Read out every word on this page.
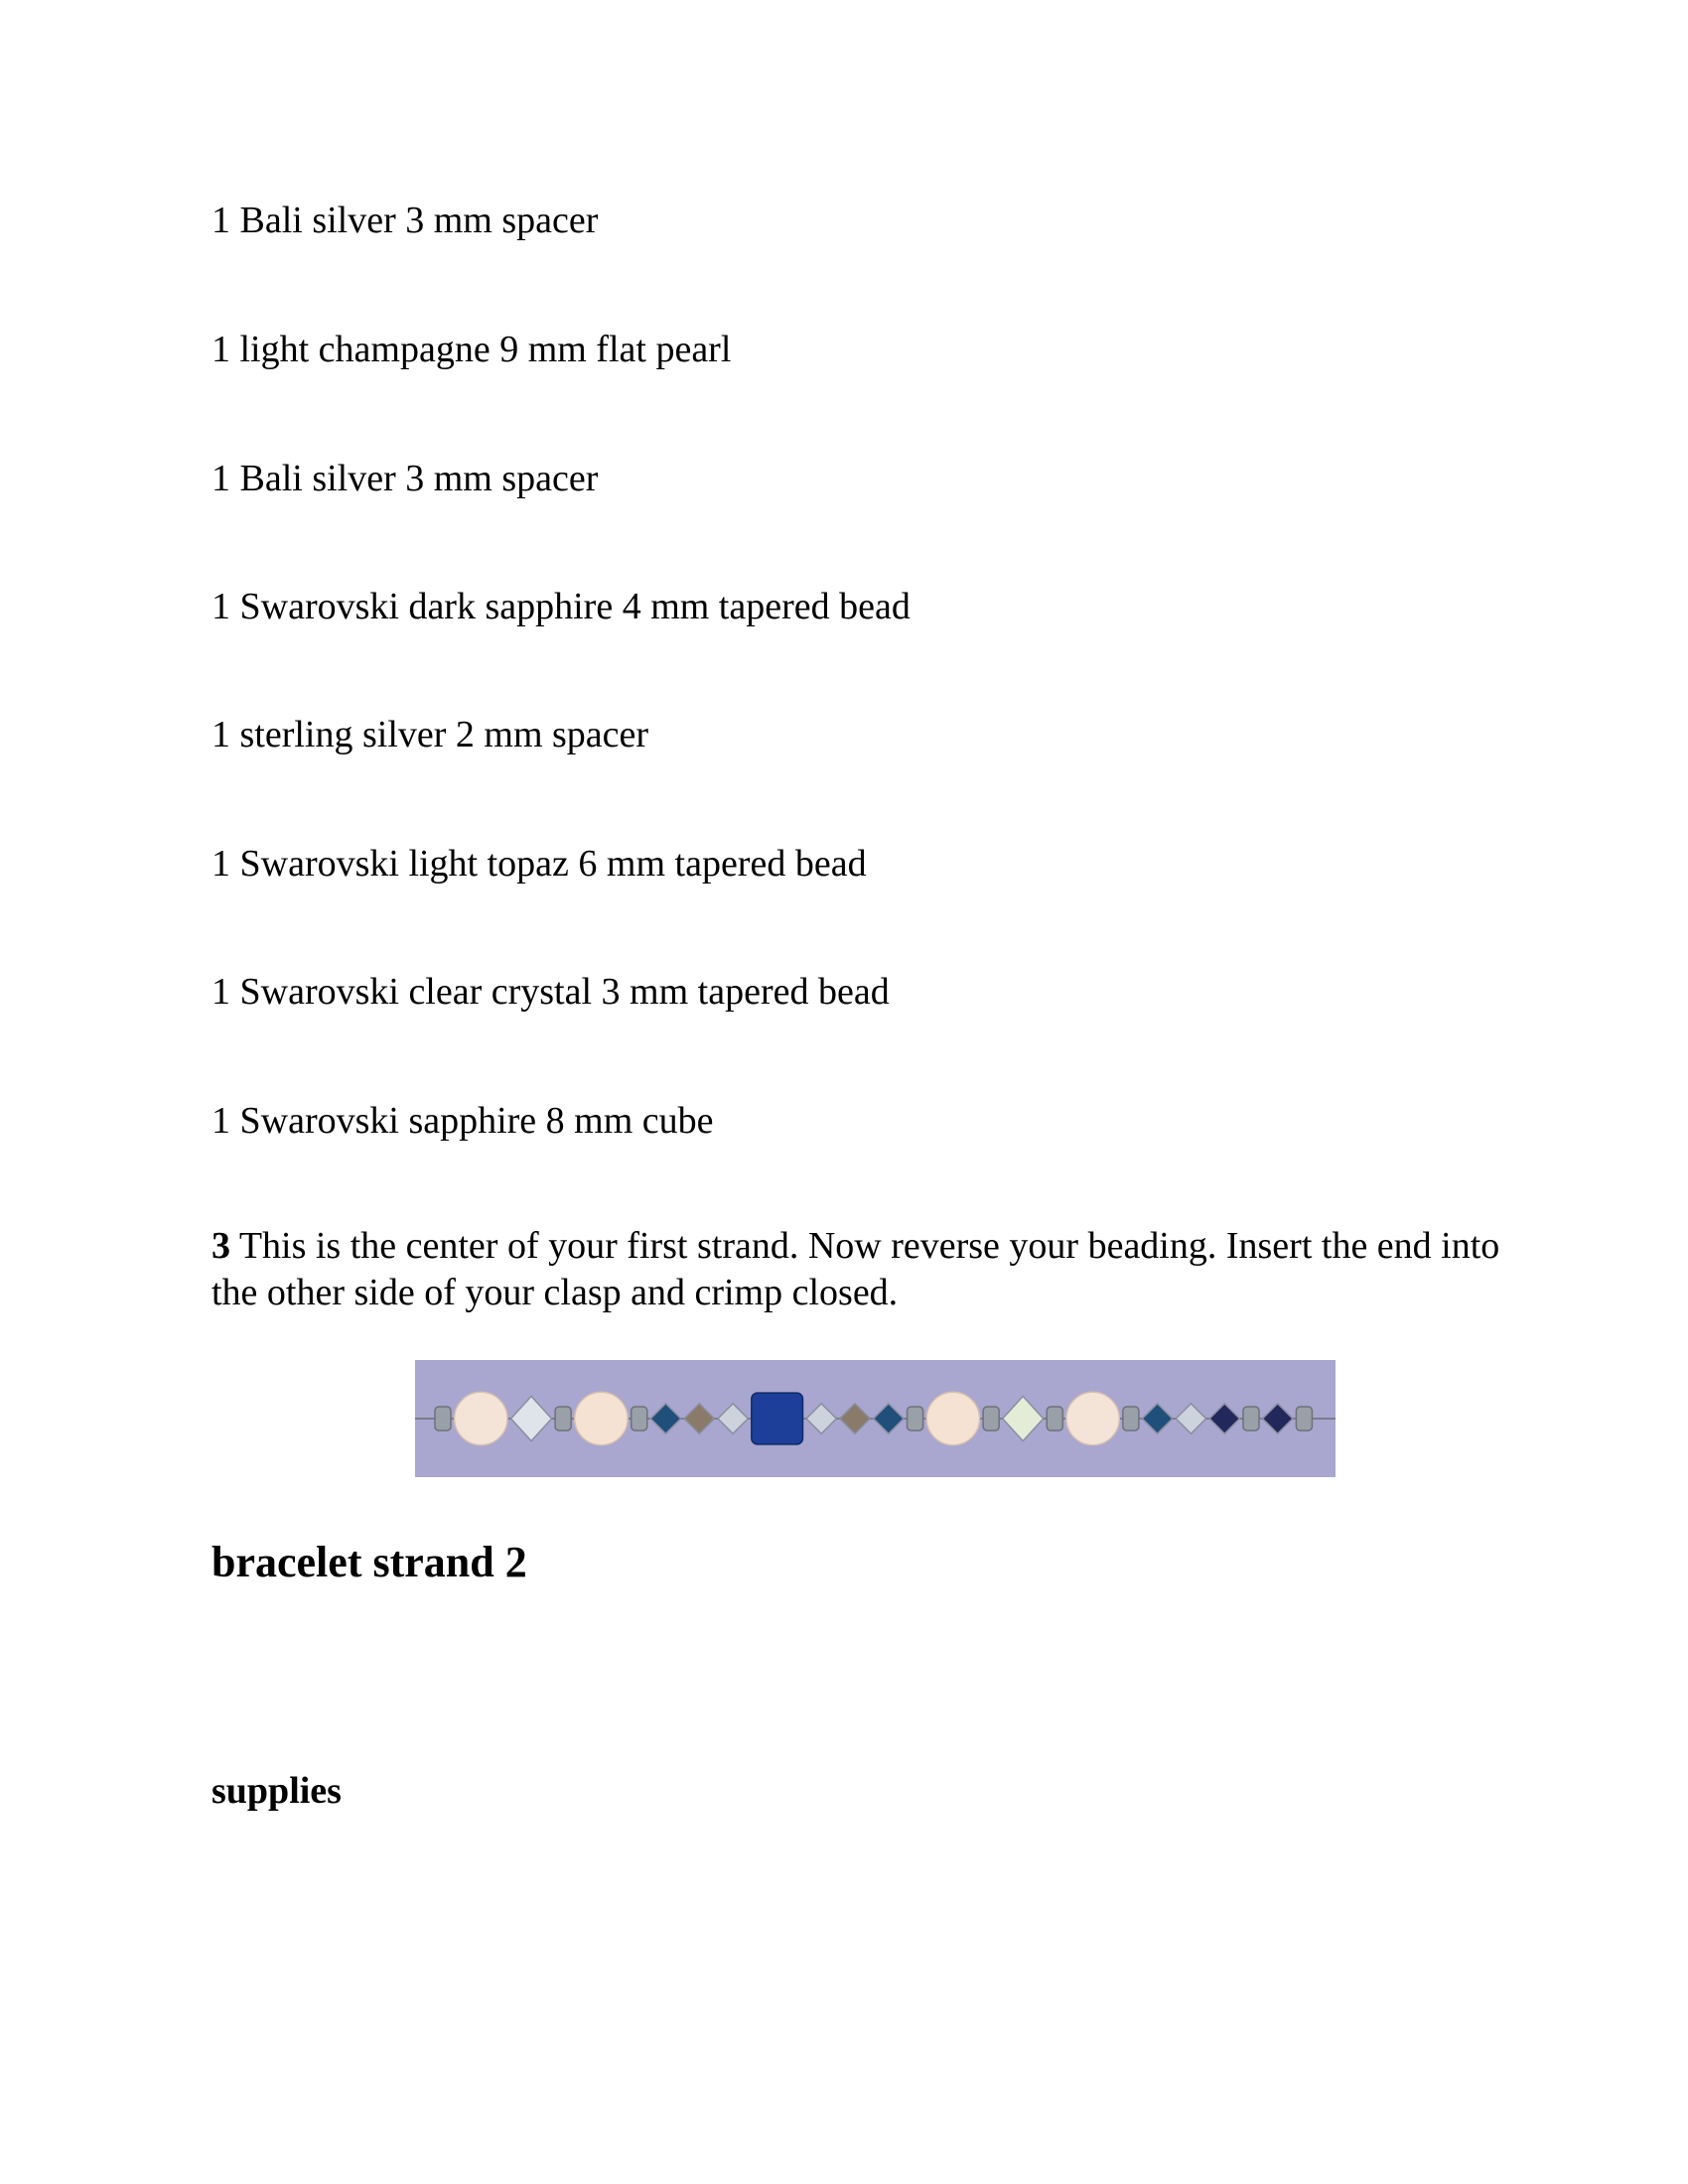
1 Bali silver 3 mm spacer
1 light champagne 9 mm flat pearl
1 Bali silver 3 mm spacer
1 Swarovski dark sapphire 4 mm tapered bead
1 sterling silver 2 mm spacer
1 Swarovski light topaz 6 mm tapered bead
1 Swarovski clear crystal 3 mm tapered bead
1 Swarovski sapphire 8 mm cube
3 This is the center of your first strand. Now reverse your beading. Insert the end into the other side of your clasp and crimp closed.
bracelet strand 2
supplies
